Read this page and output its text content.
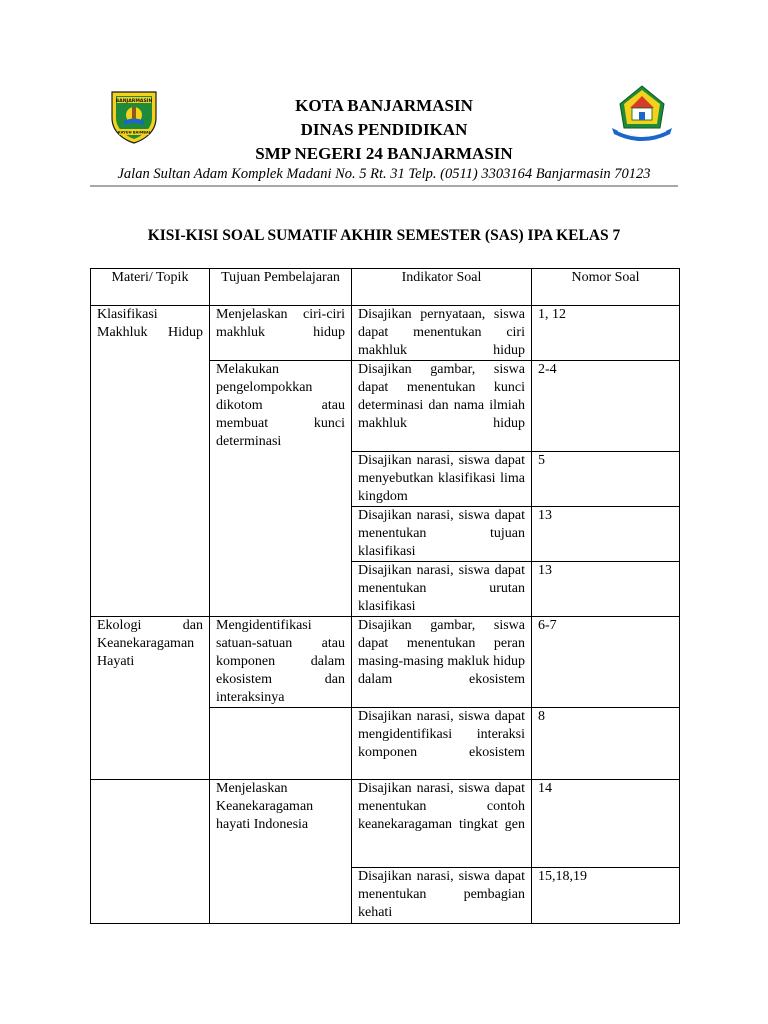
BANJARMASIN
KAYUH BAIMBAI
KOTA BANJARMASIN
DINAS PENDIDIKAN
SMP NEGERI 24 BANJARMASIN
Jalan Sultan Adam Komplek Madani No. 5 Rt. 31 Telp. (0511) 3303164 Banjarmasin 70123
KISI-KISI SOAL SUMATIF AKHIR SEMESTER (SAS) IPA KELAS 7
Materi/ Topik	Tujuan Pembelajaran	Indikator Soal	Nomor Soal

Klasifikasi Makhluk Hidup	Menjelaskan ciri-ciri makhluk hidup	Disajikan pernyataan, siswa dapat menentukan ciri makhluk hidup	1, 12

	Melakukan pengelompokkan dikotom atau membuat kunci determinasi	Disajikan gambar, siswa dapat menentukan kunci determinasi dan nama ilmiah makhluk hidup	2-4

		Disajikan narasi, siswa dapat menyebutkan klasifikasi lima kingdom	5

		Disajikan narasi, siswa dapat menentukan tujuan klasifikasi	13

		Disajikan narasi, siswa dapat menentukan urutan klasifikasi	13

Ekologi dan Keanekaragaman Hayati	Mengidentifikasi satuan-satuan atau komponen dalam ekosistem dan interaksinya	Disajikan gambar, siswa dapat menentukan peran masing-masing makluk hidup dalam ekosistem	6-7

		Disajikan narasi, siswa dapat mengidentifikasi interaksi komponen ekosistem	8

	Menjelaskan Keanekaragaman hayati Indonesia	Disajikan narasi, siswa dapat menentukan contoh keanekaragaman tingkat gen	14

		Disajikan narasi, siswa dapat menentukan pembagian kehati	15,18,19
